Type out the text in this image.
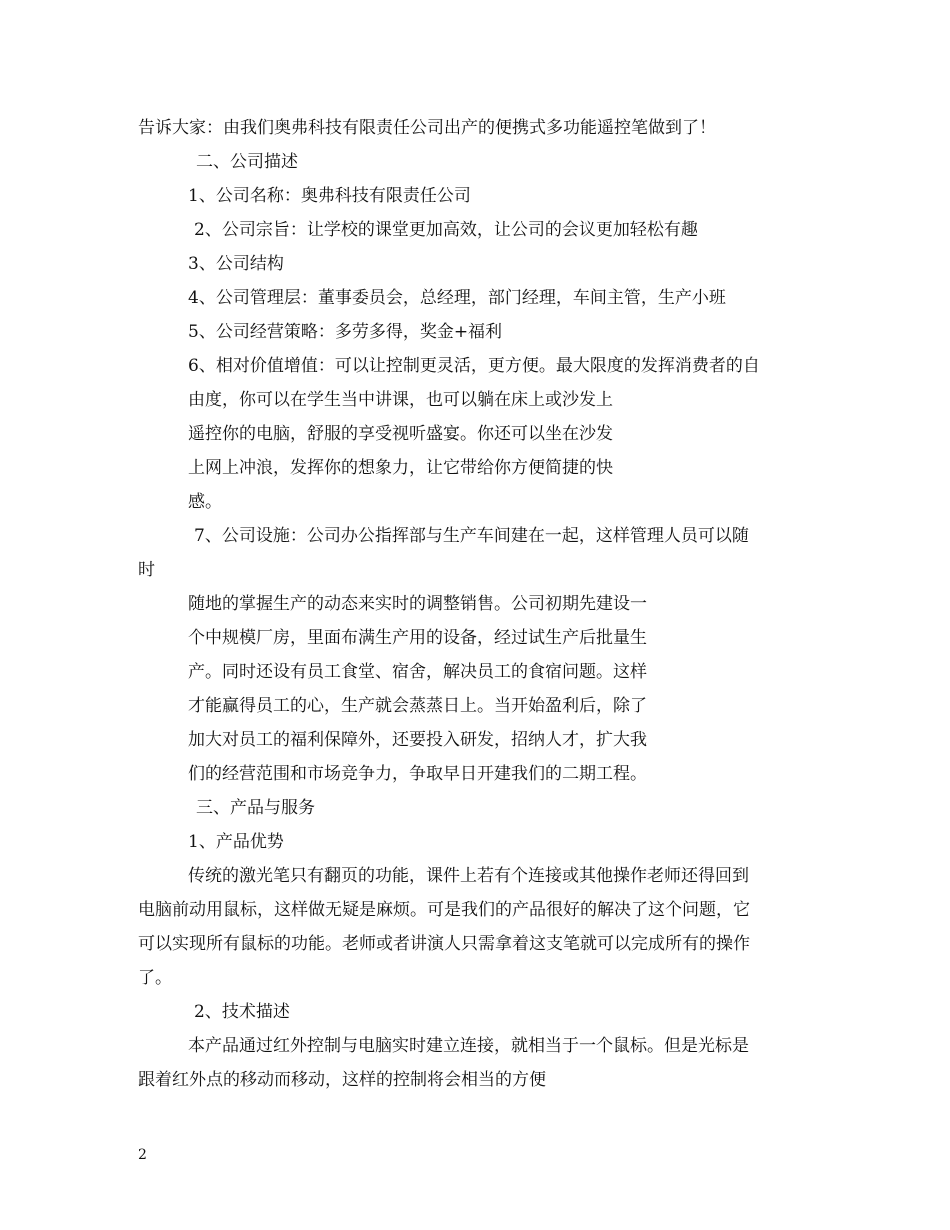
告诉大家：由我们奥弗科技有限责任公司出产的便携式多功能遥控笔做到了！
二、公司描述
1、公司名称：奥弗科技有限责任公司
2、公司宗旨：让学校的课堂更加高效，让公司的会议更加轻松有趣
3、公司结构
4、公司管理层：董事委员会，总经理，部门经理，车间主管，生产小班
5、公司经营策略：多劳多得，奖金+福利
6、相对价值增值：可以让控制更灵活，更方便。最大限度的发挥消费者的自
由度，你可以在学生当中讲课，也可以躺在床上或沙发上
遥控你的电脑，舒服的享受视听盛宴。你还可以坐在沙发
上网上冲浪，发挥你的想象力，让它带给你方便简捷的快
感。
7、公司设施：公司办公指挥部与生产车间建在一起，这样管理人员可以随
时
随地的掌握生产的动态来实时的调整销售。公司初期先建设一
个中规模厂房，里面布满生产用的设备，经过试生产后批量生
产。同时还设有员工食堂、宿舍，解决员工的食宿问题。这样
才能赢得员工的心，生产就会蒸蒸日上。当开始盈利后，除了
加大对员工的福利保障外，还要投入研发，招纳人才，扩大我
们的经营范围和市场竞争力，争取早日开建我们的二期工程。
三、产品与服务
1、产品优势
传统的激光笔只有翻页的功能，课件上若有个连接或其他操作老师还得回到
电脑前动用鼠标，这样做无疑是麻烦。可是我们的产品很好的解决了这个问题，它
可以实现所有鼠标的功能。老师或者讲演人只需拿着这支笔就可以完成所有的操作
了。
2、技术描述
本产品通过红外控制与电脑实时建立连接，就相当于一个鼠标。但是光标是
跟着红外点的移动而移动，这样的控制将会相当的方便
2
